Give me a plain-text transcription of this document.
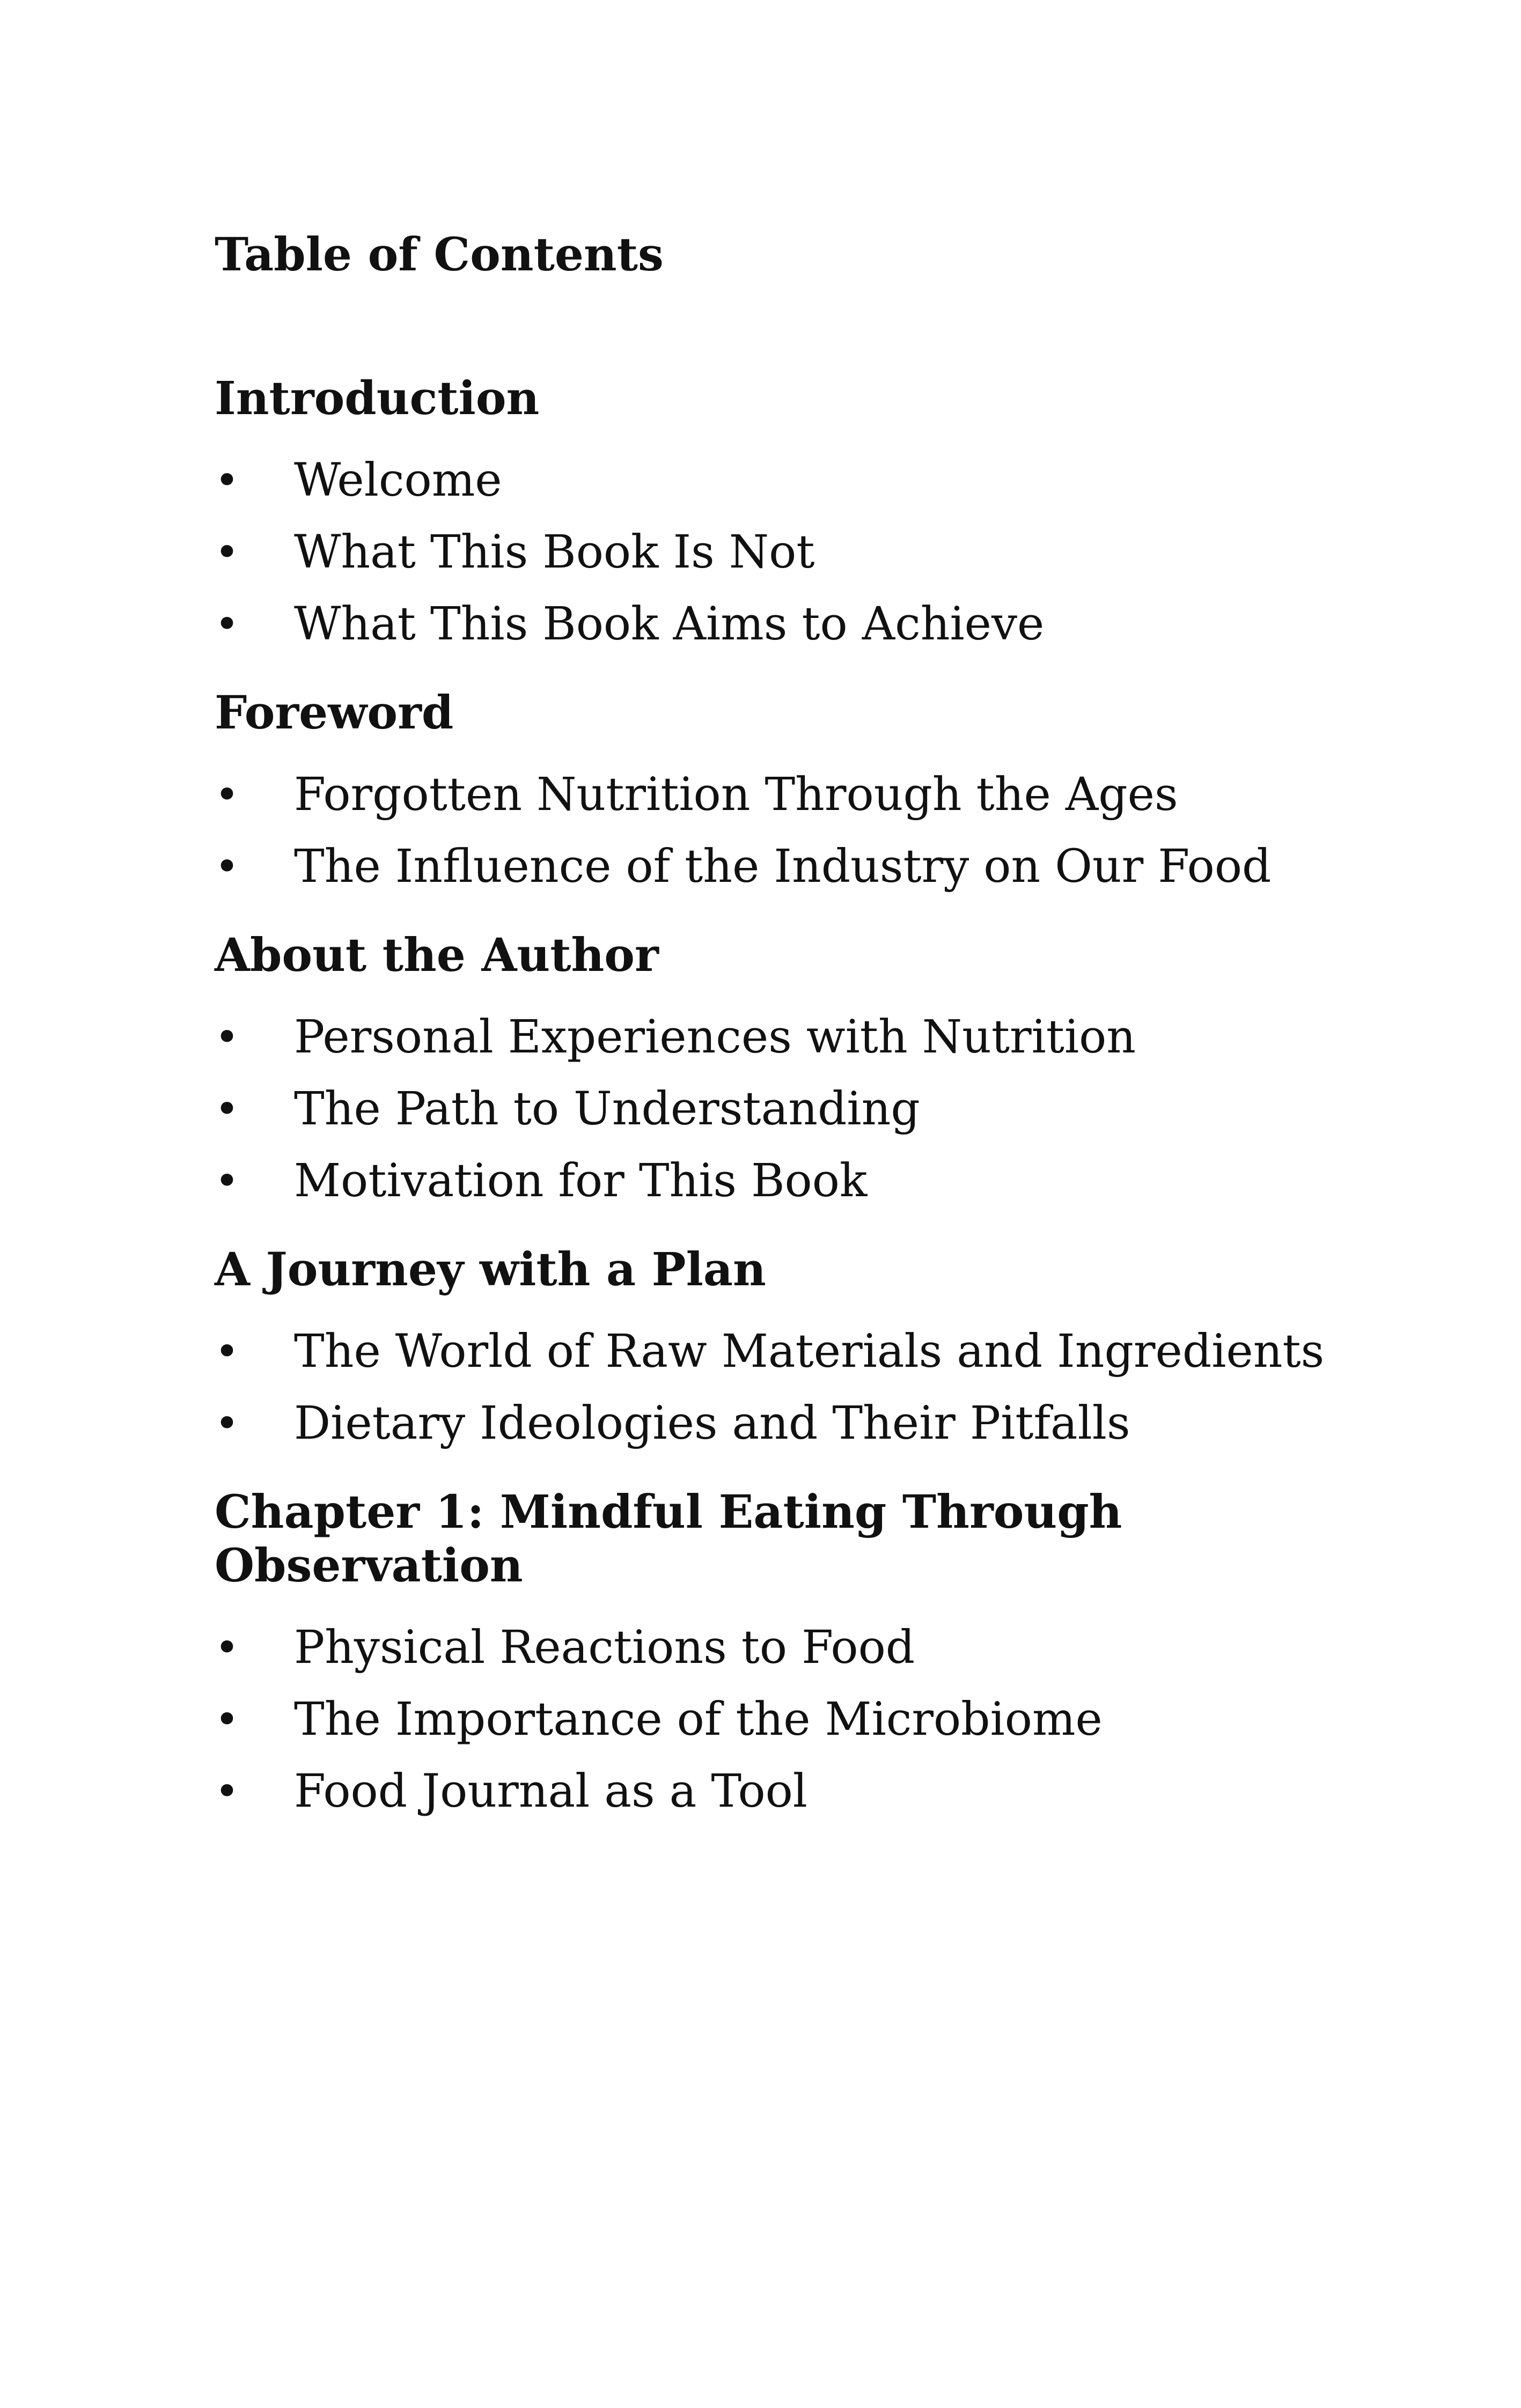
Table of Contents
Introduction
• Welcome
• What This Book Is Not
• What This Book Aims to Achieve
Foreword
• Forgotten Nutrition Through the Ages
• The Influence of the Industry on Our Food
About the Author
• Personal Experiences with Nutrition
• The Path to Understanding
• Motivation for This Book
A Journey with a Plan
• The World of Raw Materials and Ingredients
• Dietary Ideologies and Their Pitfalls
Chapter 1: Mindful Eating Through Observation
• Physical Reactions to Food
• The Importance of the Microbiome
• Food Journal as a Tool
